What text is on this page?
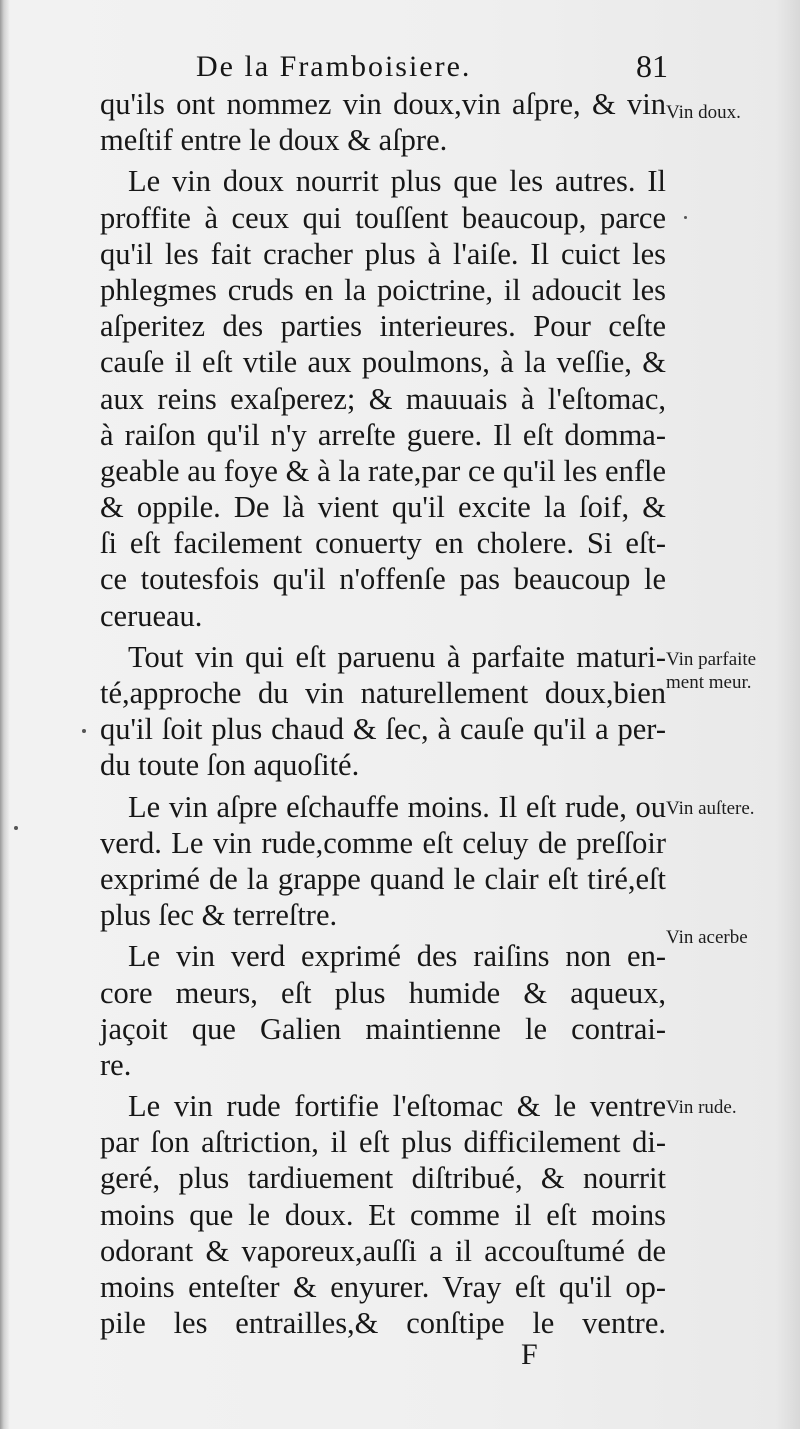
De la Framboisiere.	81
qu'ils ont nommez vin doux,vin aſpre, & vin
meſtif entre le doux & aſpre.
Le vin doux nourrit plus que les autres. Il
proffite à ceux qui touſſent beaucoup, parce
qu'il les fait cracher plus à l'aiſe. Il cuict les
phlegmes cruds en la poictrine, il adoucit les
aſperitez des parties interieures. Pour ceſte
cauſe il eſt vtile aux poulmons, à la veſſie, &
aux reins exaſperez; & mauuais à l'eſtomac,
à raiſon qu'il n'y arreſte guere. Il eſt domma-
geable au foye & à la rate,par ce qu'il les enfle
& oppile. De là vient qu'il excite la ſoif, &
ſi eſt facilement conuerty en cholere. Si eſt-
ce toutesfois qu'il n'offenſe pas beaucoup le
cerueau.
Tout vin qui eſt paruenu à parfaite maturi-
té,approche du vin naturellement doux,bien
qu'il ſoit plus chaud & ſec, à cauſe qu'il a per-
du toute ſon aquoſité.
Le vin aſpre eſchauffe moins. Il eſt rude, ou
verd. Le vin rude,comme eſt celuy de preſſoir
exprimé de la grappe quand le clair eſt tiré,eſt
plus ſec & terreſtre.
Le vin verd exprimé des raiſins non en-
core meurs, eſt plus humide & aqueux,
jaçoit que Galien maintienne le contrai-
re.
Le vin rude fortifie l'eſtomac & le ventre
par ſon aſtriction, il eſt plus difficilement di-
geré, plus tardiuement diſtribué, & nourrit
moins que le doux. Et comme il eſt moins
odorant & vaporeux,auſſi a il accouſtumé de
moins enteſter & enyurer. Vray eſt qu'il op-
pile les entrailles,& conſtipe le ventre.
Vin doux.
Vin parfaite
ment meur.
Vin auſtere.
Vin acerbe
Vin rude.
F
